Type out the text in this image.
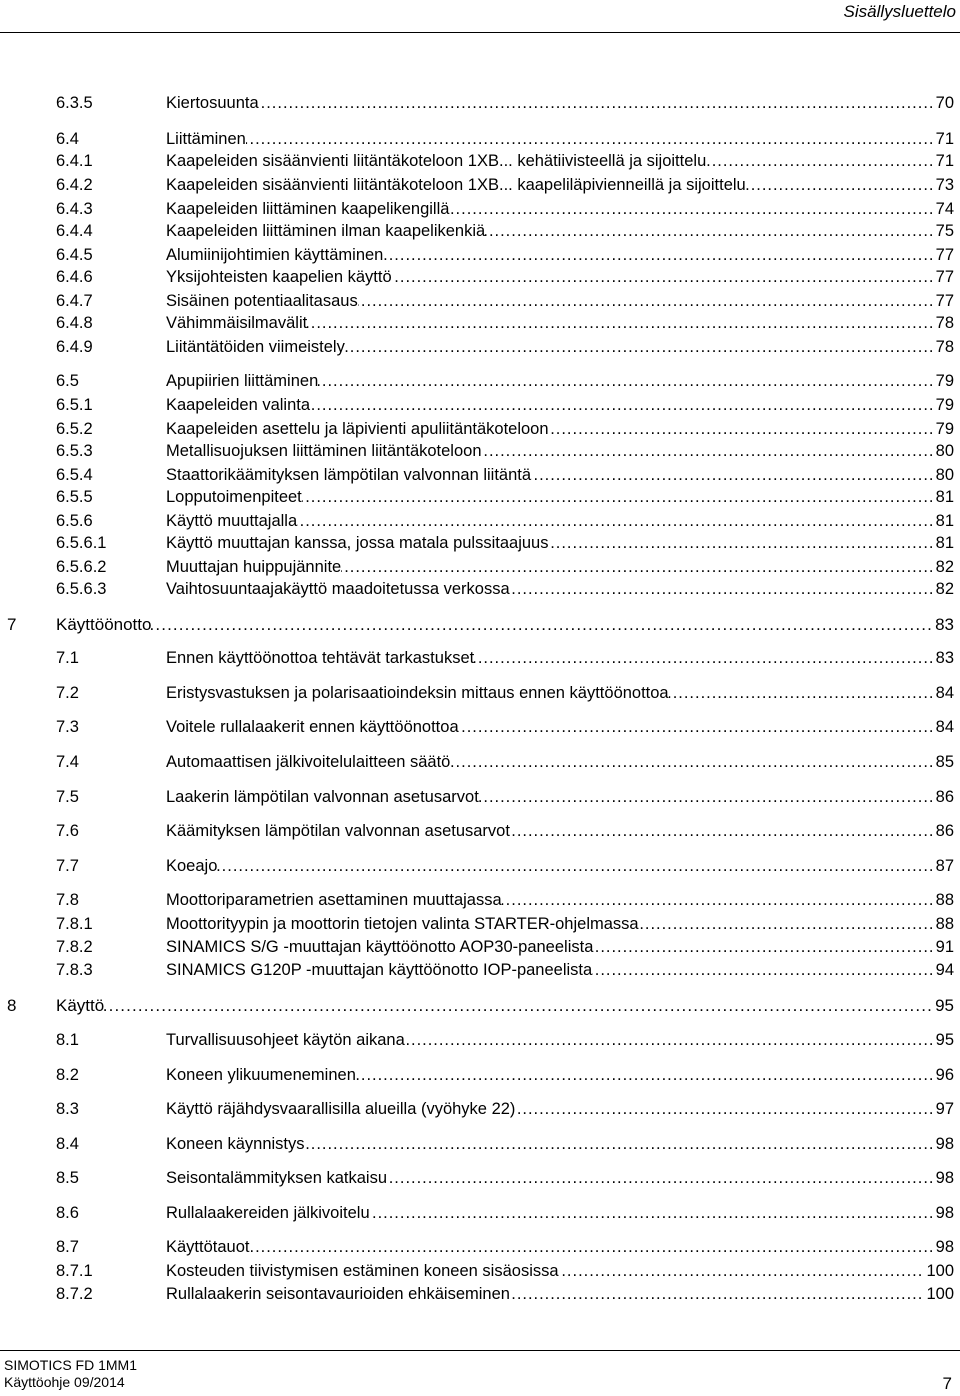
Sisällysluettelo
6.3.5	Kiertosuunta . . .	70
6.4	Liittäminen . . .	71
6.4.1	Kaapeleiden sisäänvienti liitäntäkoteloon 1XB... kehätiivisteellä ja sijoittelu . . .	71
6.4.2	Kaapeleiden sisäänvienti liitäntäkoteloon 1XB... kaapeliläpivienneillä ja sijoittelu . . .	73
6.4.3	Kaapeleiden liittäminen kaapelikengillä . . .	74
6.4.4	Kaapeleiden liittäminen ilman kaapelikenkiä . . .	75
6.4.5	Alumiinijohtimien käyttäminen . . .	77
6.4.6	Yksijohteisten kaapelien käyttö . . .	77
6.4.7	Sisäinen potentiaalitasaus . . .	77
6.4.8	Vähimmäisilmavälit . . .	78
6.4.9	Liitäntätöiden viimeistely . . .	78
6.5	Apupiirien liittäminen . . .	79
6.5.1	Kaapeleiden valinta . . .	79
6.5.2	Kaapeleiden asettelu ja läpivienti apuliitäntäkoteloon . . .	79
6.5.3	Metallisuojuksen liittäminen liitäntäkoteloon . . .	80
6.5.4	Staattorikäämityksen lämpötilan valvonnan liitäntä . . .	80
6.5.5	Lopputoimenpiteet . . .	81
6.5.6	Käyttö muuttajalla . . .	81
6.5.6.1	Käyttö muuttajan kanssa, jossa matala pulssitaajuus . . .	81
6.5.6.2	Muuttajan huippujännite . . .	82
6.5.6.3	Vaihtosuuntaajakäyttö maadoitetussa verkossa . . .	82
7 Käyttöönotto . . .	83
7.1	Ennen käyttöönottoa tehtävät tarkastukset . . .	83
7.2	Eristysvastuksen ja polarisaatioindeksin mittaus ennen käyttöönottoa . . .	84
7.3	Voitele rullalaakerit ennen käyttöönottoa . . .	84
7.4	Automaattisen jälkivoitelulaitteen säätö . . .	85
7.5	Laakerin lämpötilan valvonnan asetusarvot . . .	86
7.6	Käämityksen lämpötilan valvonnan asetusarvot . . .	86
7.7	Koeajo . . .	87
7.8	Moottoriparametrien asettaminen muuttajassa . . .	88
7.8.1	Moottorityypin ja moottorin tietojen valinta STARTER-ohjelmassa . . .	88
7.8.2	SINAMICS S/G -muuttajan käyttöönotto AOP30-paneelista . . .	91
7.8.3	SINAMICS G120P -muuttajan käyttöönotto IOP-paneelista . . .	94
8 Käyttö . . .	95
8.1	Turvallisuusohjeet käytön aikana . . .	95
8.2	Koneen ylikuumeneminen . . .	96
8.3	Käyttö räjähdysvaarallisilla alueilla (vyöhyke 22) . . .	97
8.4	Koneen käynnistys . . .	98
8.5	Seisontalämmityksen katkaisu . . .	98
8.6	Rullalaakereiden jälkivoitelu . . .	98
8.7	Käyttötauot . . .	98
8.7.1	Kosteuden tiivistymisen estäminen koneen sisäosissa . . .	100
8.7.2	Rullalaakerin seisontavaurioiden ehkäiseminen . . .	100
SIMOTICS FD 1MM1
Käyttöohje 09/2014	7
